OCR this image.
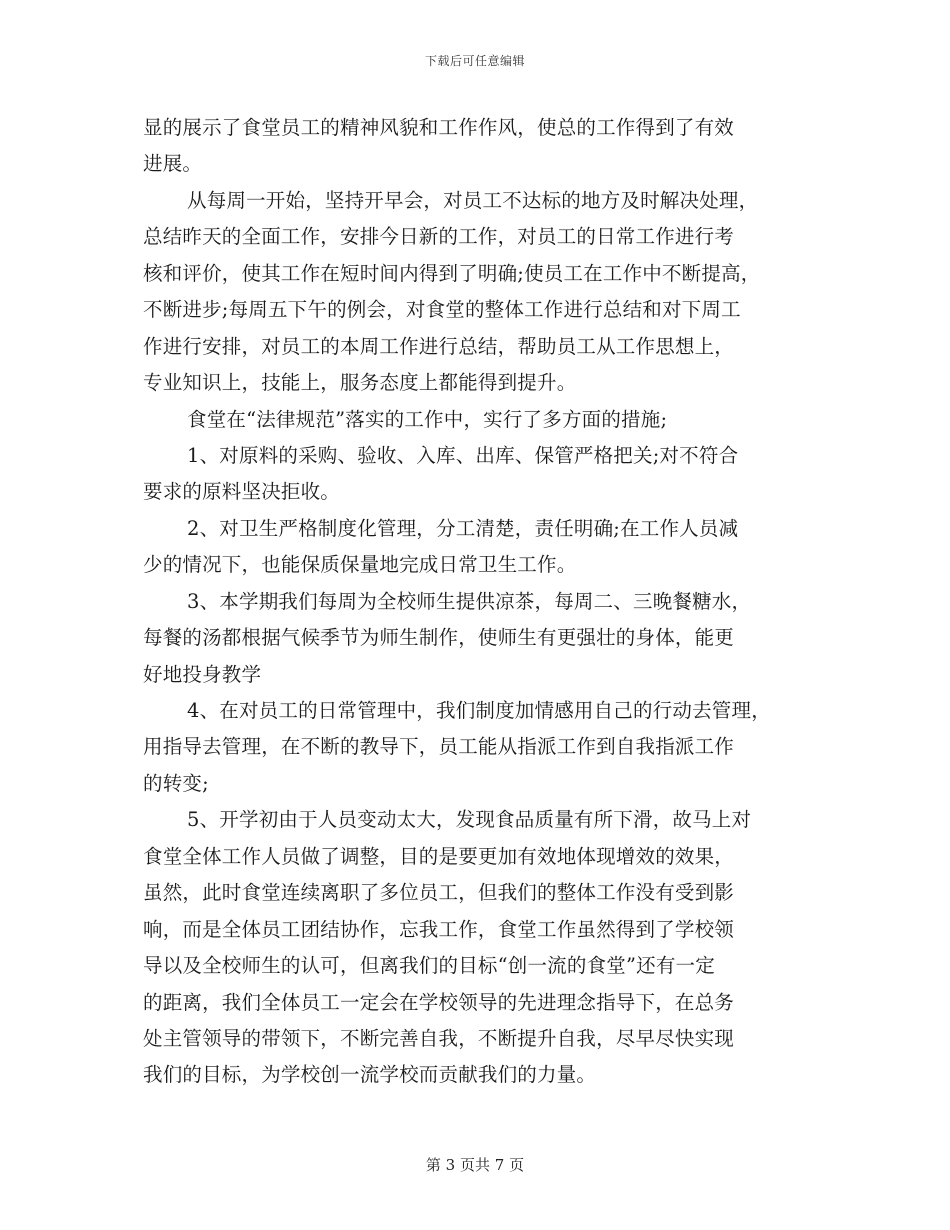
下载后可任意编辑
显的展示了食堂员工的精神风貌和工作作风，使总的工作得到了有效
进展。
从每周一开始，坚持开早会，对员工不达标的地方及时解决处理，
总结昨天的全面工作，安排今日新的工作，对员工的日常工作进行考
核和评价，使其工作在短时间内得到了明确;使员工在工作中不断提高，
不断进步;每周五下午的例会，对食堂的整体工作进行总结和对下周工
作进行安排，对员工的本周工作进行总结，帮助员工从工作思想上，
专业知识上，技能上，服务态度上都能得到提升。
食堂在“法律规范”落实的工作中，实行了多方面的措施;
1、对原料的采购、验收、入库、出库、保管严格把关;对不符合
要求的原料坚决拒收。
2、对卫生严格制度化管理，分工清楚，责任明确;在工作人员减
少的情况下，也能保质保量地完成日常卫生工作。
3、本学期我们每周为全校师生提供凉茶，每周二、三晚餐糖水，
每餐的汤都根据气候季节为师生制作，使师生有更强壮的身体，能更
好地投身教学
4、在对员工的日常管理中，我们制度加情感用自己的行动去管理，
用指导去管理，在不断的教导下，员工能从指派工作到自我指派工作
的转变;
5、开学初由于人员变动太大，发现食品质量有所下滑，故马上对
食堂全体工作人员做了调整，目的是要更加有效地体现增效的效果，
虽然，此时食堂连续离职了多位员工，但我们的整体工作没有受到影
响，而是全体员工团结协作，忘我工作，食堂工作虽然得到了学校领
导以及全校师生的认可，但离我们的目标“创一流的食堂”还有一定
的距离，我们全体员工一定会在学校领导的先进理念指导下，在总务
处主管领导的带领下，不断完善自我，不断提升自我，尽早尽快实现
我们的目标，为学校创一流学校而贡献我们的力量。
第 3 页共 7 页
